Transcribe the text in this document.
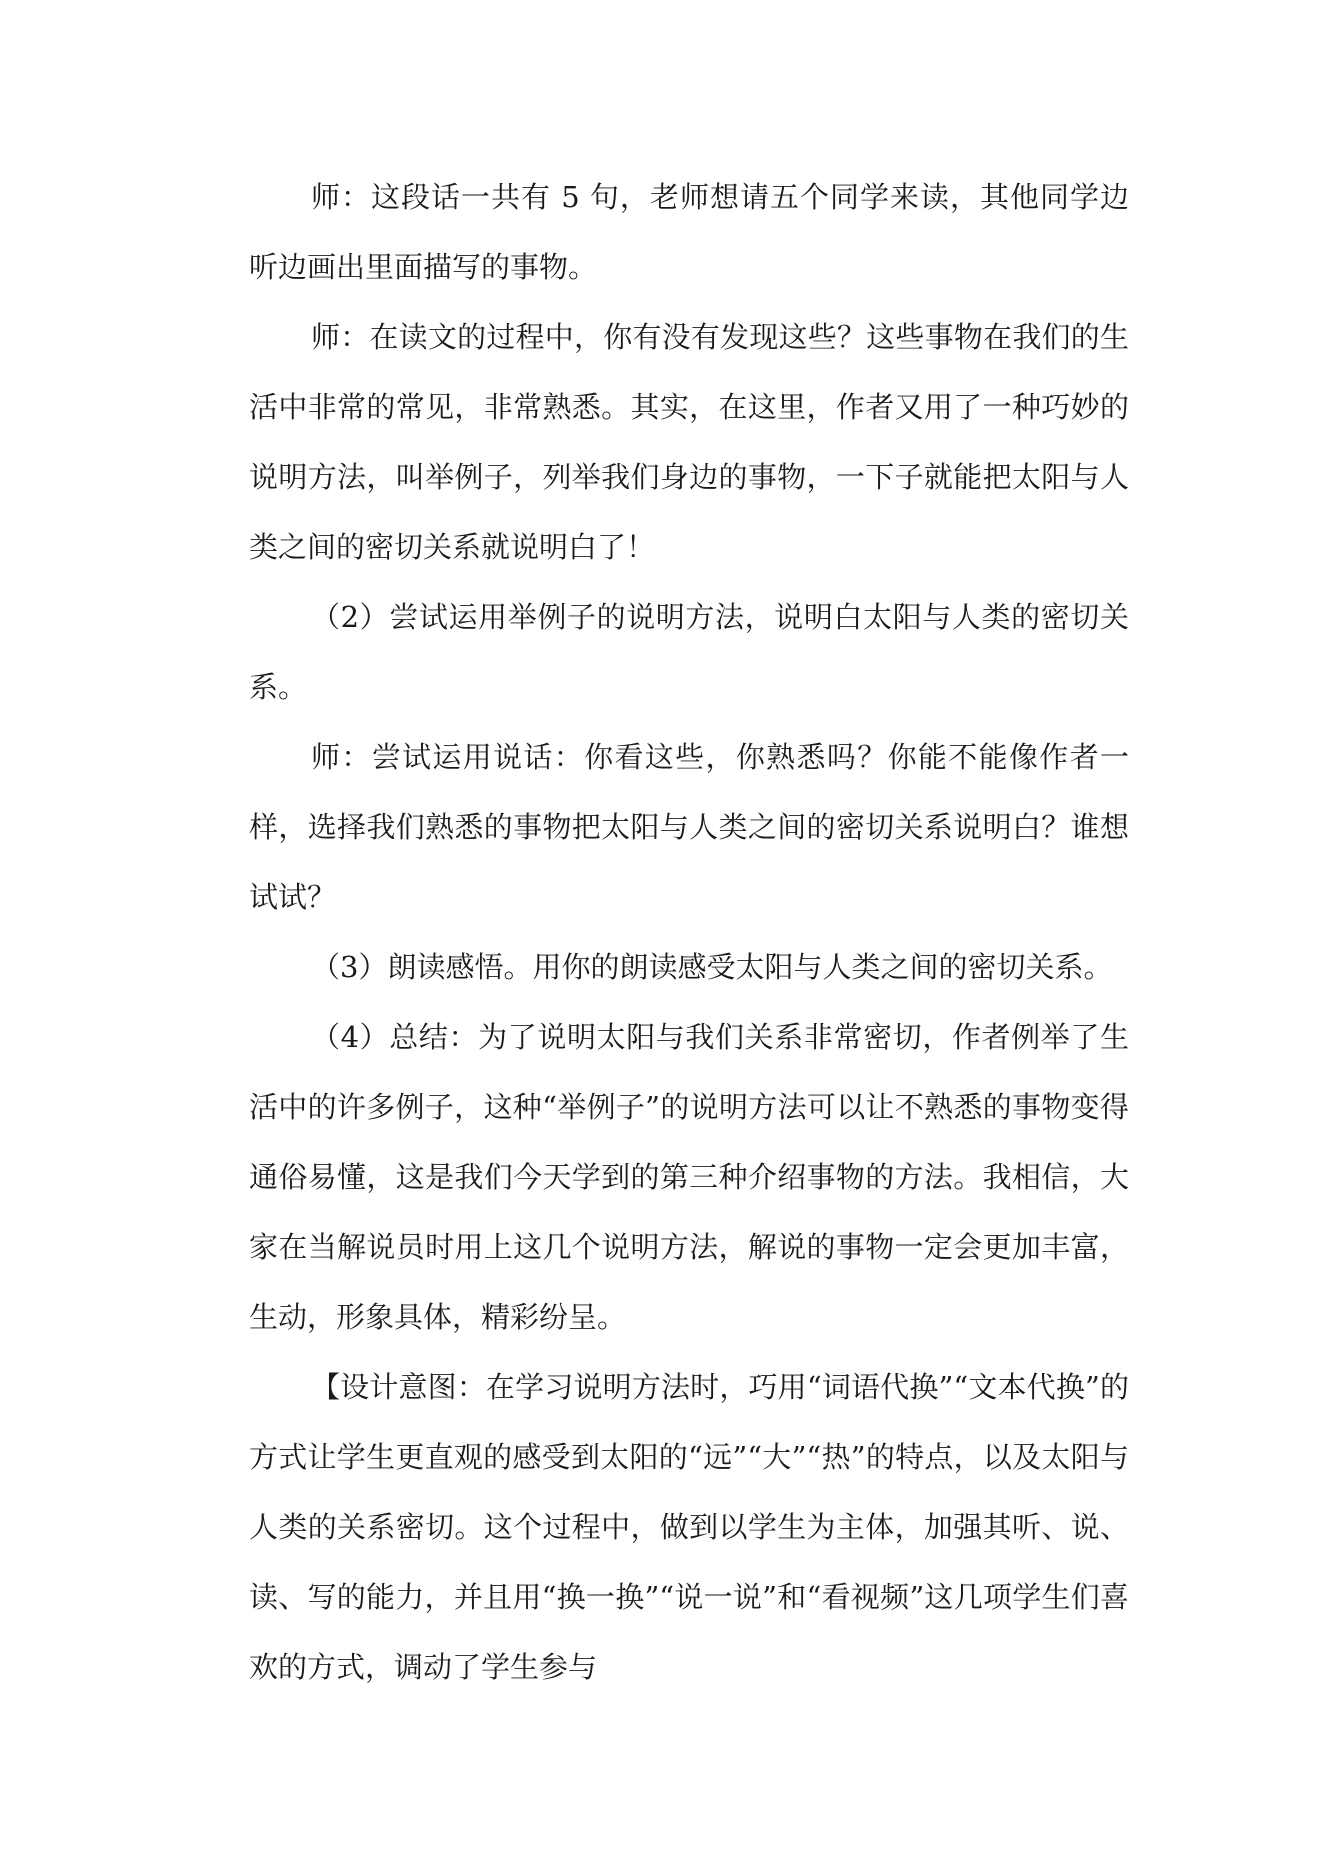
师：这段话一共有 5 句，老师想请五个同学来读，其他同学边听边画出里面描写的事物。

师：在读文的过程中，你有没有发现这些？这些事物在我们的生活中非常的常见，非常熟悉。其实，在这里，作者又用了一种巧妙的说明方法，叫举例子，列举我们身边的事物，一下子就能把太阳与人类之间的密切关系就说明白了！

（2）尝试运用举例子的说明方法，说明白太阳与人类的密切关系。

师：尝试运用说话：你看这些，你熟悉吗？你能不能像作者一样，选择我们熟悉的事物把太阳与人类之间的密切关系说明白？谁想试试？

（3）朗读感悟。用你的朗读感受太阳与人类之间的密切关系。

（4）总结：为了说明太阳与我们关系非常密切，作者例举了生活中的许多例子，这种“举例子”的说明方法可以让不熟悉的事物变得通俗易懂，这是我们今天学到的第三种介绍事物的方法。我相信，大家在当解说员时用上这几个说明方法，解说的事物一定会更加丰富，生动，形象具体，精彩纷呈。

【设计意图：在学习说明方法时，巧用“词语代换”“文本代换”的方式让学生更直观的感受到太阳的“远”“大”“热”的特点，以及太阳与人类的关系密切。这个过程中，做到以学生为主体，加强其听、说、读、写的能力，并且用“换一换”“说一说”和“看视频”这几项学生们喜欢的方式，调动了学生参与
